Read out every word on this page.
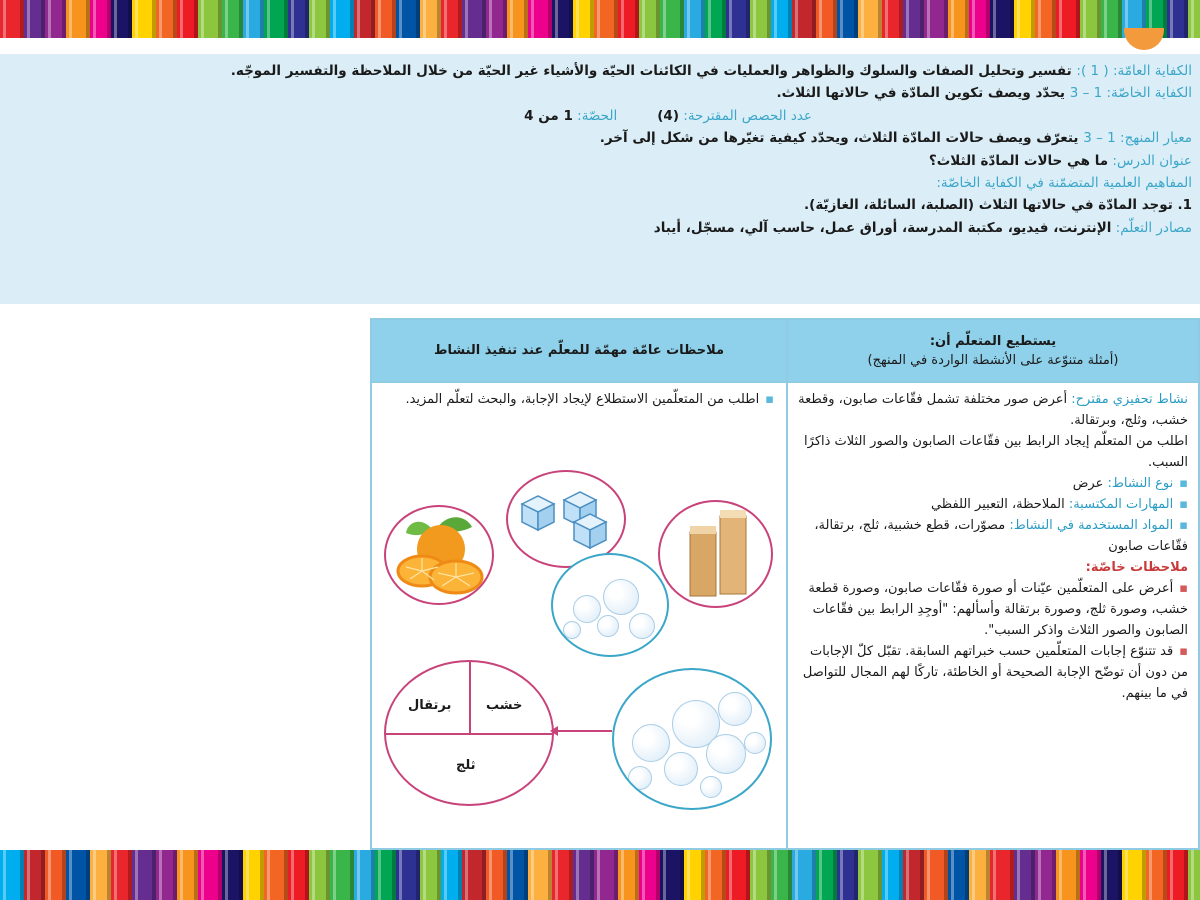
الكفاية العامّة: ( 1 ): تفسير وتحليل الصفات والسلوك والظواهر والعمليات في الكائنات الحيّة والأشياء غير الحيّة من خلال الملاحظة والتفسير الموجّه.
الكفاية الخاصّة: 1 – 3 يحدّد ويصف تكوين المادّة في حالاتها الثلاث.
عدد الحصص المقترحة: (4)الحصّة: 1 من 4
معيار المنهج: 1 – 3 يتعرّف ويصف حالات المادّة الثلاث، ويحدّد كيفية تغيّرها من شكل إلى آخر.
عنوان الدرس: ما هي حالات المادّة الثلاث؟
المفاهيم العلمية المتضمّنة في الكفاية الخاصّة:
1. توجد المادّة في حالاتها الثلاث (الصلبة، السائلة، الغازيّة).
مصادر التعلّم: الإنترنت، فيديو، مكتبة المدرسة، أوراق عمل، حاسب آلي، مسجّل، أيباد
يستطيع المتعلّم أن:
(أمثلة متنوّعة على الأنشطة الواردة في المنهج)
ملاحظات عامّة مهمّة للمعلّم عند تنفيذ النشاط
نشاط تحفيزي مقترح: أعرض صور مختلفة تشمل فقّاعات صابون، وقطعة خشب، وثلج، وبرتقالة.
اطلب من المتعلّم إيجاد الرابط بين فقّاعات الصابون والصور الثلاث ذاكرًا السبب.
▪نوع النشاط: عرض
▪المهارات المكتسبة: الملاحظة، التعبير اللفظي
▪المواد المستخدمة في النشاط: مصوّرات، قطع خشبية، ثلج، برتقالة، فقّاعات صابون
ملاحظات خاصّة:
▪أعرض على المتعلّمين عيّنات أو صورة فقّاعات صابون، وصورة قطعة خشب، وصورة ثلج، وصورة برتقالة وأسألهم: "أوجِدِ الرابط بين فقّاعات الصابون والصور الثلاث واذكر السبب".
▪قد تتنوّع إجابات المتعلّمين حسب خبراتهم السابقة. تقبّل كلّ الإجابات من دون أن توضّح الإجابة الصحيحة أو الخاطئة، تاركًا لهم المجال للتواصل في ما بينهم.
▪اطلب من المتعلّمين الاستطلاع لإيجاد الإجابة، والبحث لتعلّم المزيد.
برتقال	خشب
ثلج
